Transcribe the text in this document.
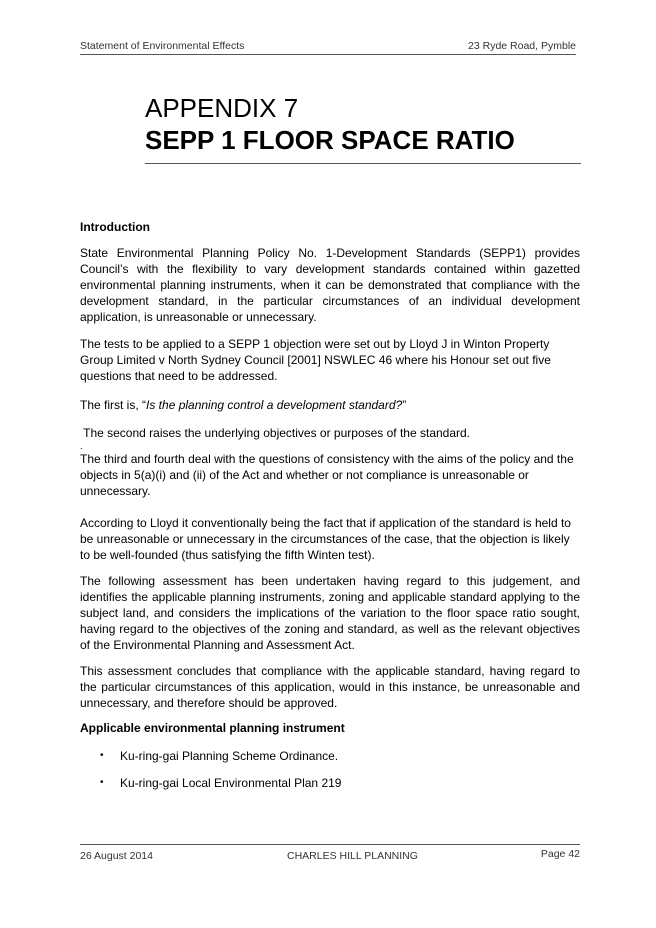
Statement of Environmental Effects	23 Ryde Road, Pymble
APPENDIX 7
SEPP 1 FLOOR SPACE RATIO

Introduction

State Environmental Planning Policy No. 1-Development Standards (SEPP1) provides Council’s with the flexibility to vary development standards contained within gazetted environmental planning instruments, when it can be demonstrated that compliance with the development standard, in the particular circumstances of an individual development application, is unreasonable or unnecessary.

The tests to be applied to a SEPP 1 objection were set out by Lloyd J in Winton Property Group Limited v North Sydney Council [2001] NSWLEC 46 where his Honour set out five questions that need to be addressed.

The first is, “Is the planning control a development standard?”

The second raises the underlying objectives or purposes of the standard.

.

The third and fourth deal with the questions of consistency with the aims of the policy and the objects in 5(a)(i) and (ii) of the Act and whether or not compliance is unreasonable or unnecessary.

According to Lloyd it conventionally being the fact that if application of the standard is held to be unreasonable or unnecessary in the circumstances of the case, that the objection is likely to be well-founded (thus satisfying the fifth Winten test).

The following assessment has been undertaken having regard to this judgement, and identifies the applicable planning instruments, zoning and applicable standard applying to the subject land, and considers the implications of the variation to the floor space ratio sought, having regard to the objectives of the zoning and standard, as well as the relevant objectives of the Environmental Planning and Assessment Act.

This assessment concludes that compliance with the applicable standard, having regard to the particular circumstances of this application, would in this instance, be unreasonable and unnecessary, and therefore should be approved.

Applicable environmental planning instrument

•	Ku-ring-gai Planning Scheme Ordinance.
•	Ku-ring-gai Local Environmental Plan 219
26 August 2014	CHARLES HILL PLANNING	Page 42
